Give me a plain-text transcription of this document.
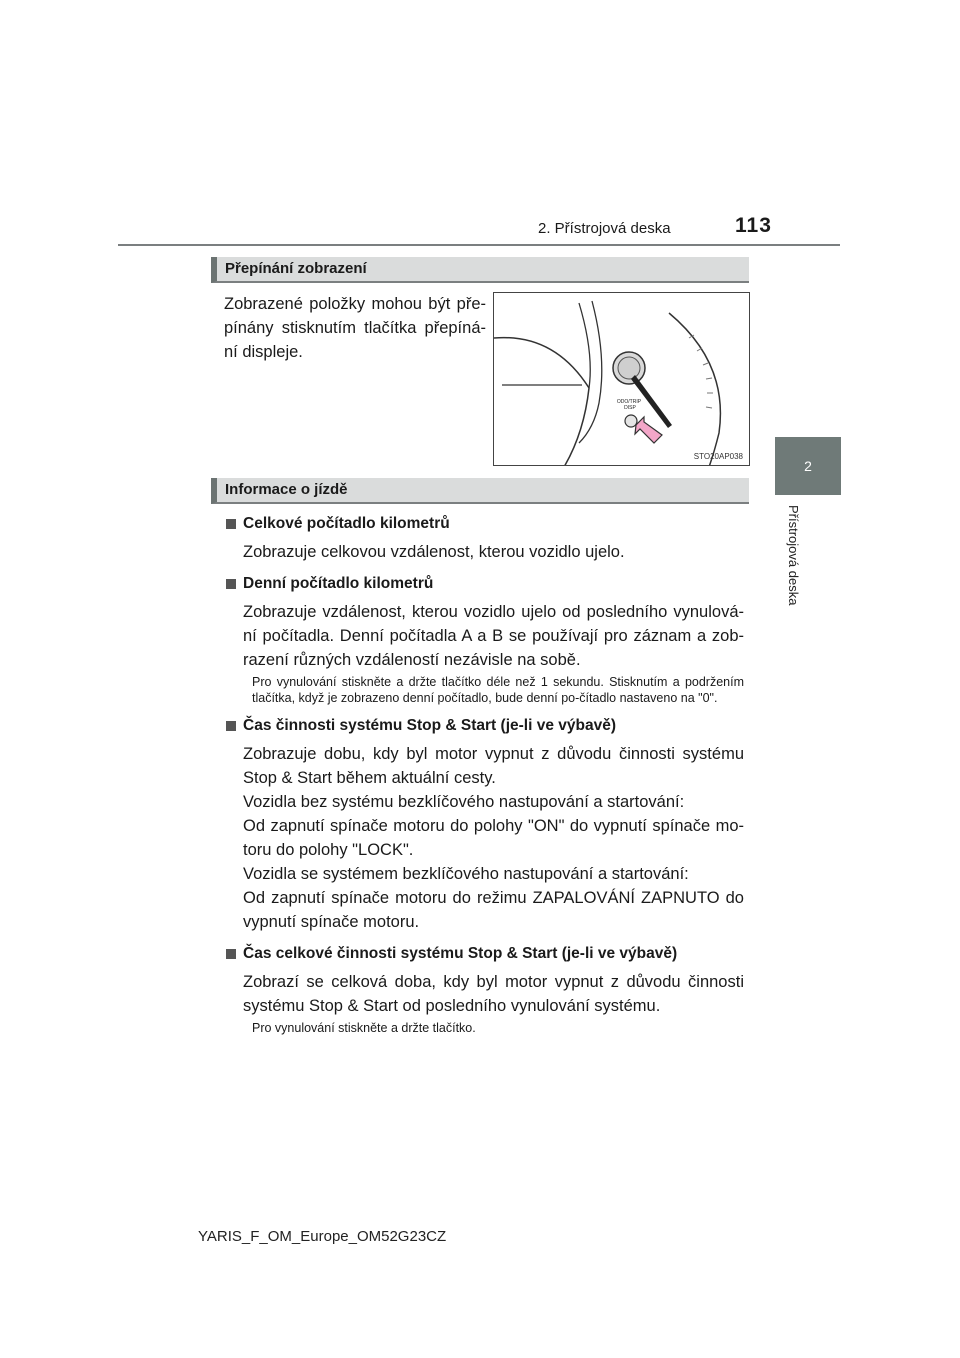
2. Přístrojová deska	113
2
Přístrojová deska
Přepínání zobrazení
Zobrazené položky mohou být pře-pínány stisknutím tlačítka přepíná-ní displeje.
ODO/TRIP
DISP
STO20AP038
Informace o jízdě
Celkové počítadlo kilometrů
Zobrazuje celkovou vzdálenost, kterou vozidlo ujelo.
Denní počítadlo kilometrů
Zobrazuje vzdálenost, kterou vozidlo ujelo od posledního vynulová-ní počítadla. Denní počítadla A a B se používají pro záznam a zob-razení různých vzdáleností nezávisle na sobě.
Pro vynulování stiskněte a držte tlačítko déle než 1 sekundu. Stisknutím a podržením tlačítka, když je zobrazeno denní počítadlo, bude denní po-čítadlo nastaveno na "0".
Čas činnosti systému Stop & Start (je-li ve výbavě)
Zobrazuje dobu, kdy byl motor vypnut z důvodu činnosti systému Stop & Start během aktuální cesty.
Vozidla bez systému bezklíčového nastupování a startování:
Od zapnutí spínače motoru do polohy "ON" do vypnutí spínače mo-toru do polohy "LOCK".
Vozidla se systémem bezklíčového nastupování a startování:
Od zapnutí spínače motoru do režimu ZAPALOVÁNÍ ZAPNUTO do vypnutí spínače motoru.
Čas celkové činnosti systému Stop & Start (je-li ve výbavě)
Zobrazí se celková doba, kdy byl motor vypnut z důvodu činnosti systému Stop & Start od posledního vynulování systému.
Pro vynulování stiskněte a držte tlačítko.
YARIS_F_OM_Europe_OM52G23CZ
